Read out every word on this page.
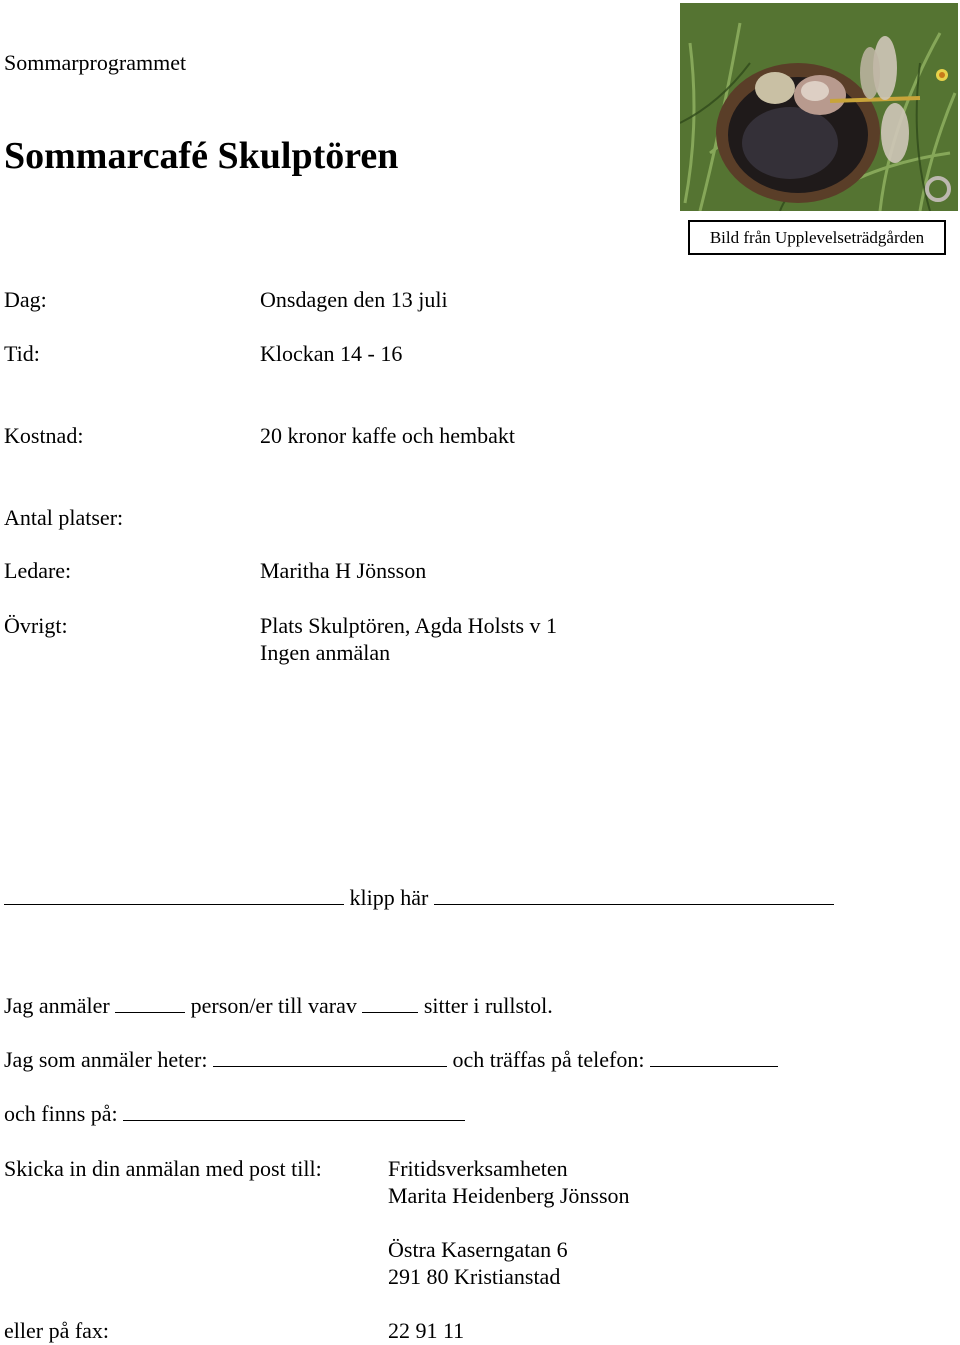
Sommarprogrammet
Sommarcafé Skulptören
Bild från Upplevelseträdgården
Dag:	Onsdagen den 13 juli
Tid:	Klockan 14 - 16
Kostnad:	20 kronor kaffe och hembakt
Antal platser:
Ledare:	Maritha H Jönsson
Övrigt:	Plats Skulptören, Agda Holsts v 1
Ingen anmälan
klipp här
Jag anmäler	person/er till varav	sitter i rullstol.
Jag som anmäler heter:	och träffas på telefon:
och finns på:
Skicka in din anmälan med post till:	Fritidsverksamheten
Marita Heidenberg Jönsson
Östra Kaserngatan 6
291 80 Kristianstad
eller på fax:	22 91 11
